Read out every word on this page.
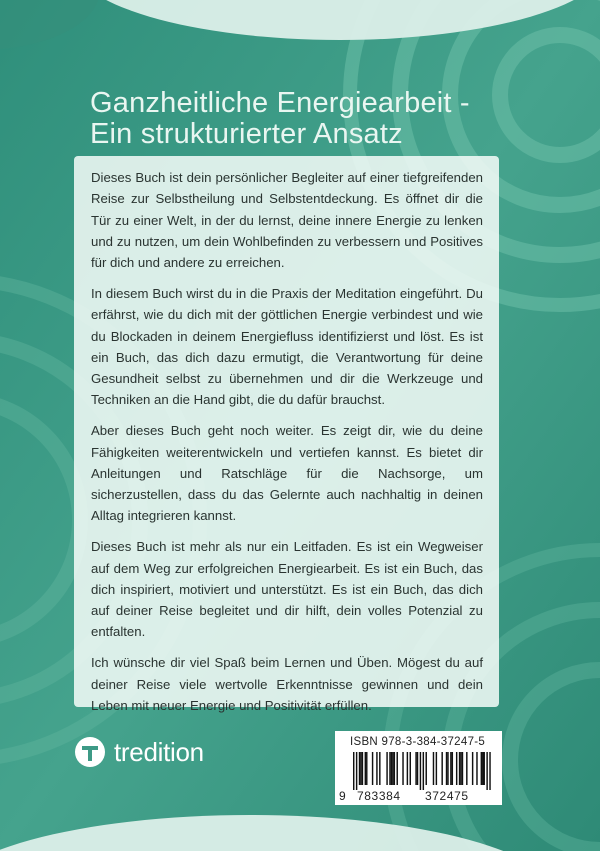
Ganzheitliche Energiearbeit -
Ein strukturierter Ansatz

Dieses Buch ist dein persönlicher Begleiter auf einer tiefgreifenden Reise zur Selbstheilung und Selbstentdeckung. Es öffnet dir die Tür zu einer Welt, in der du lernst, deine innere Energie zu lenken und zu nutzen, um dein Wohlbefinden zu verbessern und Positives für dich und andere zu erreichen.

In diesem Buch wirst du in die Praxis der Meditation eingeführt. Du erfährst, wie du dich mit der göttlichen Energie verbindest und wie du Blockaden in deinem Energiefluss identifizierst und löst. Es ist ein Buch, das dich dazu ermutigt, die Verantwortung für deine Gesundheit selbst zu übernehmen und dir die Werkzeuge und Techniken an die Hand gibt, die du dafür brauchst.

Aber dieses Buch geht noch weiter. Es zeigt dir, wie du deine Fähigkeiten weiterentwickeln und vertiefen kannst. Es bietet dir Anleitungen und Ratschläge für die Nachsorge, um sicherzustellen, dass du das Gelernte auch nachhaltig in deinen Alltag integrieren kannst.

Dieses Buch ist mehr als nur ein Leitfaden. Es ist ein Wegweiser auf dem Weg zur erfolgreichen Energiearbeit. Es ist ein Buch, das dich inspiriert, motiviert und unterstützt. Es ist ein Buch, das dich auf deiner Reise begleitet und dir hilft, dein volles Potenzial zu entfalten.

Ich wünsche dir viel Spaß beim Lernen und Üben. Mögest du auf deiner Reise viele wertvolle Erkenntnisse gewinnen und dein Leben mit neuer Energie und Positivität erfüllen.

tredition	ISBN 978-3-384-37247-5
9 783384 372475
